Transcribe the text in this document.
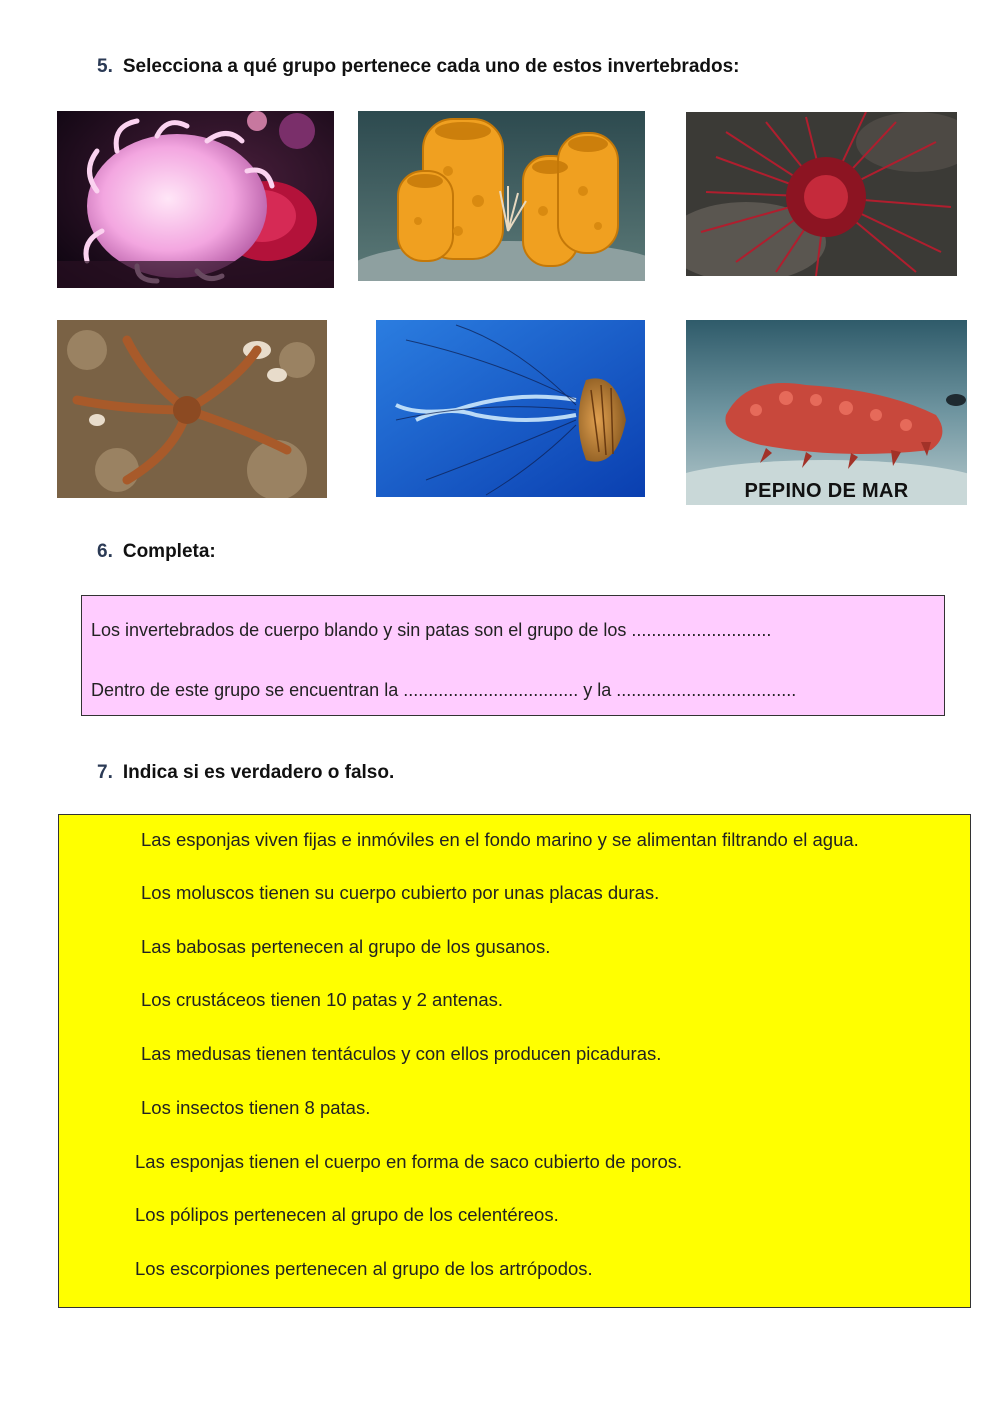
5. Selecciona a qué grupo pertenece cada uno de estos invertebrados:
PEPINO DE MAR
6. Completa:
Los invertebrados de cuerpo blando y sin patas son el grupo de los ............................
Dentro de este grupo se encuentran la ................................... y la ....................................
7. Indica si es verdadero o falso.
Las esponjas viven fijas e inmóviles en el fondo marino y se alimentan filtrando el agua.
Los moluscos tienen su cuerpo cubierto por unas placas duras.
Las babosas pertenecen al grupo de los gusanos.
Los crustáceos tienen 10 patas y 2 antenas.
Las medusas tienen tentáculos y con ellos producen picaduras.
Los insectos tienen 8 patas.
Las esponjas tienen el cuerpo en forma de saco cubierto de poros.
Los pólipos pertenecen al grupo de los celentéreos.
Los escorpiones pertenecen al grupo de los artrópodos.
